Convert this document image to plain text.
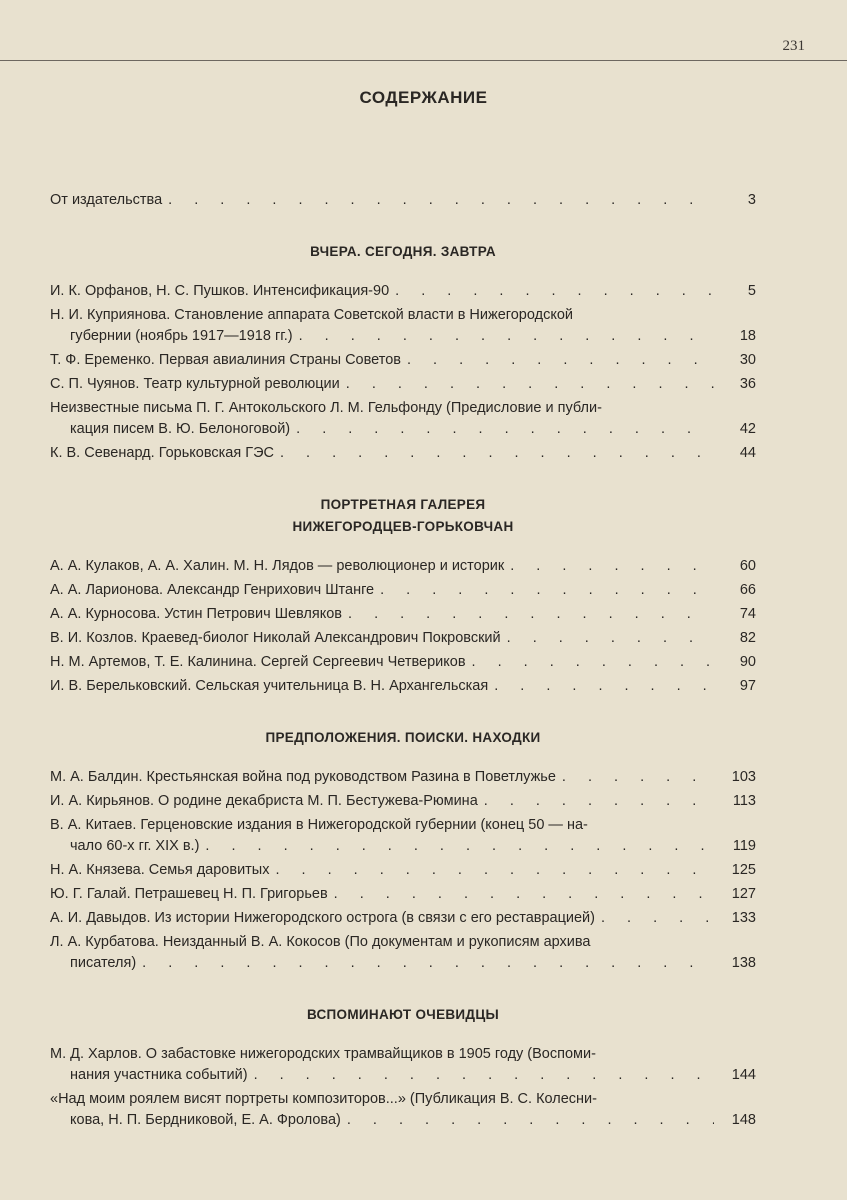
231
СОДЕРЖАНИЕ
От издательства . . .	3
ВЧЕРА. СЕГОДНЯ. ЗАВТРА
И. К. Орфанов, Н. С. Пушков. Интенсификация-90 . . .	5
Н. И. Куприянова. Становление аппарата Советской власти в Нижегородской
губернии (ноябрь 1917—1918 гг.) . . .	18
Т. Ф. Еременко. Первая авиалиния Страны Советов . . .	30
С. П. Чуянов. Театр культурной революции . . .	36
Неизвестные письма П. Г. Антокольского Л. М. Гельфонду (Предисловие и публи-
кация писем В. Ю. Белоноговой) . . .	42
К. В. Севенард. Горьковская ГЭС . . .	44
ПОРТРЕТНАЯ ГАЛЕРЕЯ
НИЖЕГОРОДЦЕВ-ГОРЬКОВЧАН
А. А. Кулаков, А. А. Халин. М. Н. Лядов — революционер и историк . . .	60
А. А. Ларионова. Александр Генрихович Штанге . . .	66
А. А. Курносова. Устин Петрович Шевляков . . .	74
В. И. Козлов. Краевед-биолог Николай Александрович Покровский . . .	82
Н. М. Артемов, Т. Е. Калинина. Сергей Сергеевич Четвериков . . .	90
И. В. Берельковский. Сельская учительница В. Н. Архангельская . . .	97
ПРЕДПОЛОЖЕНИЯ. ПОИСКИ. НАХОДКИ
М. А. Балдин. Крестьянская война под руководством Разина в Поветлужье . . .	103
И. А. Кирьянов. О родине декабриста М. П. Бестужева-Рюмина . . .	113
В. А. Китаев. Герценовские издания в Нижегородской губернии (конец 50 — на-
чало 60-х гг. XIX в.) . . .	119
Н. А. Князева. Семья даровитых . . .	125
Ю. Г. Галай. Петрашевец Н. П. Григорьев . . .	127
А. И. Давыдов. Из истории Нижегородского острога (в связи с его реставрацией) . . .	133
Л. А. Курбатова. Неизданный В. А. Кокосов (По документам и рукописям архива
писателя) . . .	138
ВСПОМИНАЮТ ОЧЕВИДЦЫ
М. Д. Харлов. О забастовке нижегородских трамвайщиков в 1905 году (Воспоми-
нания участника событий) . . .	144
«Над моим роялем висят портреты композиторов...» (Публикация В. С. Колесни-
кова, Н. П. Бердниковой, Е. А. Фролова) . . .	148
